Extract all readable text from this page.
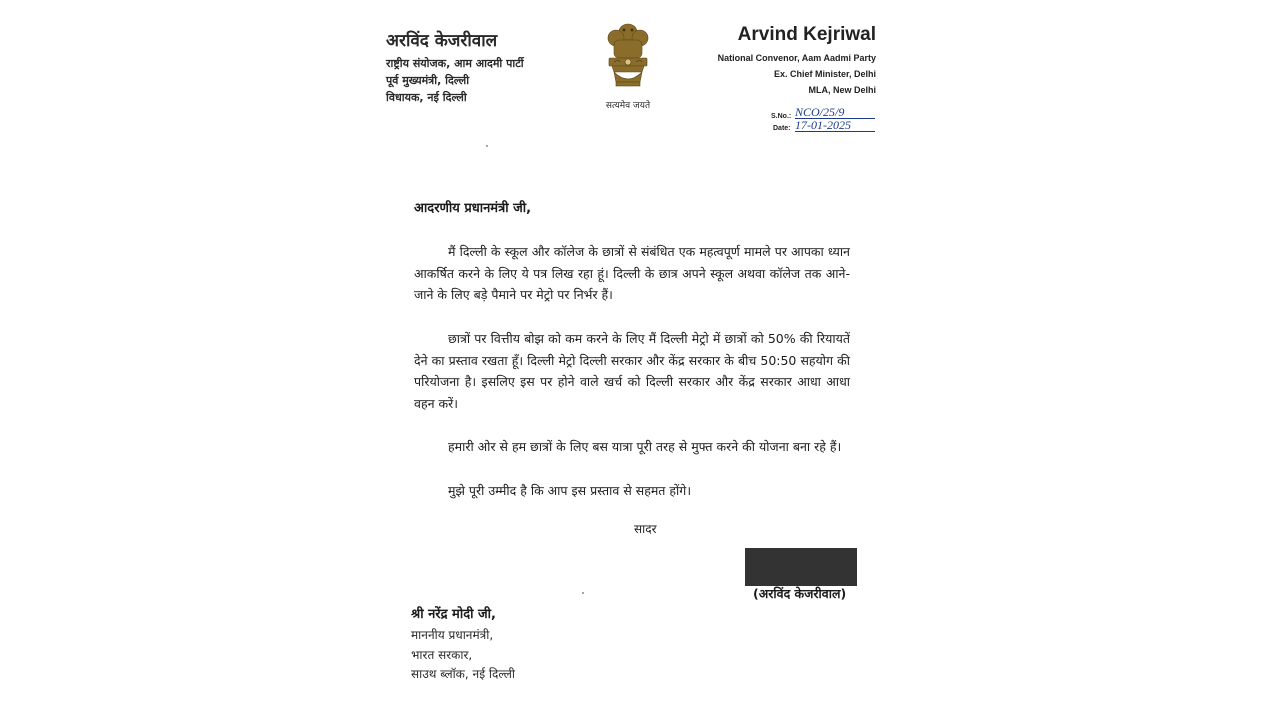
अरविंद केजरीवाल
राष्ट्रीय संयोजक, आम आदमी पार्टी
पूर्व मुख्यमंत्री, दिल्ली
विधायक, नई दिल्ली
सत्यमेव जयते
Arvind Kejriwal
National Convenor, Aam Aadmi Party
Ex. Chief Minister, Delhi
MLA, New Delhi
S.No.: NCO/25/9
Date: 17-01-2025
आदरणीय प्रधानमंत्री जी,
मैं दिल्ली के स्कूल और कॉलेज के छात्रों से संबंधित एक महत्वपूर्ण मामले पर आपका ध्यान आकर्षित करने के लिए ये पत्र लिख रहा हूं। दिल्ली के छात्र अपने स्कूल अथवा कॉलेज तक आने-जाने के लिए बड़े पैमाने पर मेट्रो पर निर्भर हैं।
छात्रों पर वित्तीय बोझ को कम करने के लिए मैं दिल्ली मेट्रो में छात्रों को 50% की रियायतें देने का प्रस्ताव रखता हूँ। दिल्ली मेट्रो दिल्ली सरकार और केंद्र सरकार के बीच 50:50 सहयोग की परियोजना है। इसलिए इस पर होने वाले खर्च को दिल्ली सरकार और केंद्र सरकार आधा आधा वहन करें।
हमारी ओर से हम छात्रों के लिए बस यात्रा पूरी तरह से मुफ्त करने की योजना बना रहे हैं।
मुझे पूरी उम्मीद है कि आप इस प्रस्ताव से सहमत होंगे।
सादर
(अरविंद केजरीवाल)
श्री नरेंद्र मोदी जी,
माननीय प्रधानमंत्री,
भारत सरकार,
साउथ ब्लॉक, नई दिल्ली
